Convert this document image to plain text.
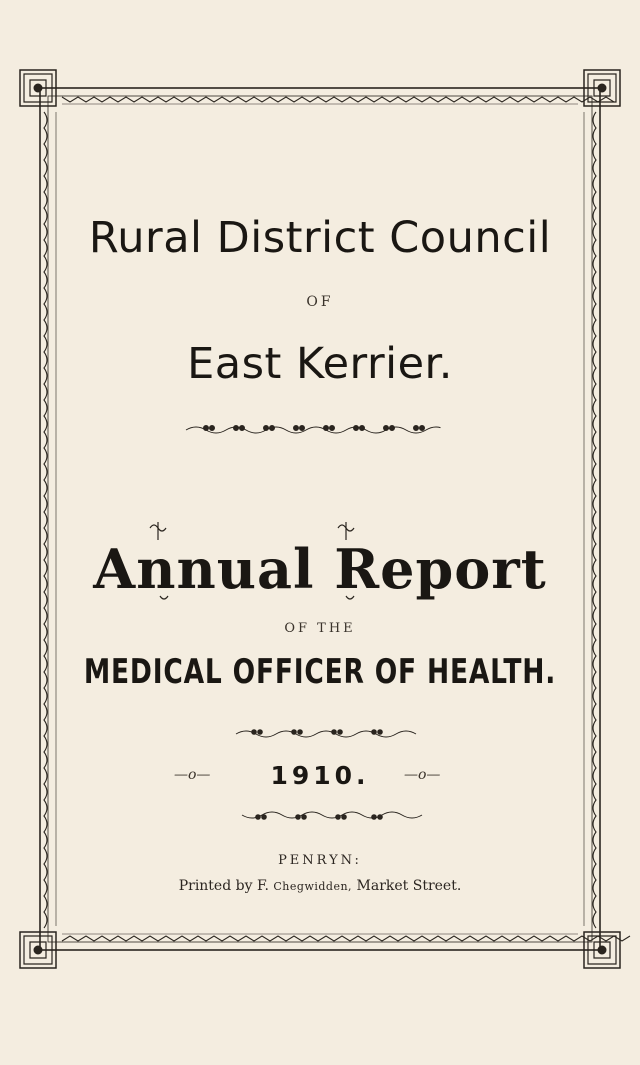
Rural District Council
OF
East Kerrier.
Annual Report
OF THE
MEDICAL OFFICER OF HEALTH.
—o—	1910.	—o—
PENRYN:
Printed by F. Chegwidden, Market Street.
